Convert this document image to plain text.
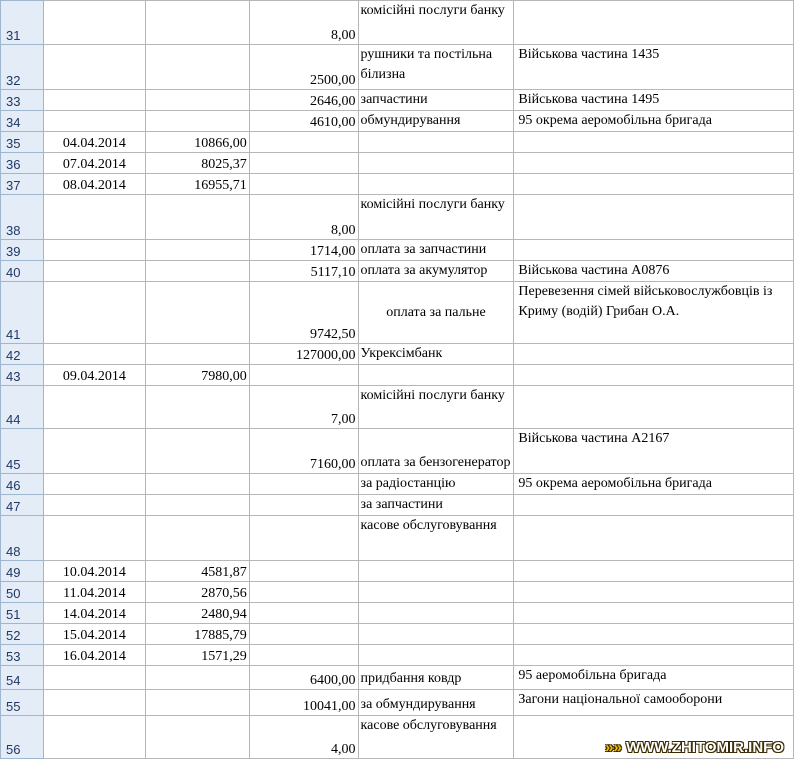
31			8,00	комісійні послуги банку	
32			2500,00	рушники та постільна білизна	Військова частина 1435
33			2646,00	запчастини	Військова частина 1495
34			4610,00	обмундирування	95 окрема аеромобільна бригада
35	04.04.2014	10866,00			
36	07.04.2014	8025,37			
37	08.04.2014	16955,71			
38			8,00	комісійні послуги банку	
39			1714,00	оплата за запчастини	
40			5117,10	оплата за акумулятор	Військова частина А0876
41			9742,50	оплата за пальне	Перевезення сімей військовослужбовців із Криму (водій) Грибан О.А.
42			127000,00	Укрексімбанк	
43	09.04.2014	7980,00			
44			7,00	комісійні послуги банку	
45			7160,00	оплата за бензогенератор	Військова частина А2167
46				за радіостанцію	95 окрема аеромобільна бригада
47				за запчастини	
48				касове обслуговування	
49	10.04.2014	4581,87			
50	11.04.2014	2870,56			
51	14.04.2014	2480,94			
52	15.04.2014	17885,79			
53	16.04.2014	1571,29			
54			6400,00	придбання ковдр	95 аеромобільна бригада
55			10041,00	за обмундирування	Загони національної самооборони
56			4,00	касове обслуговування	
»» WWW.ZHITOMIR.INFO
